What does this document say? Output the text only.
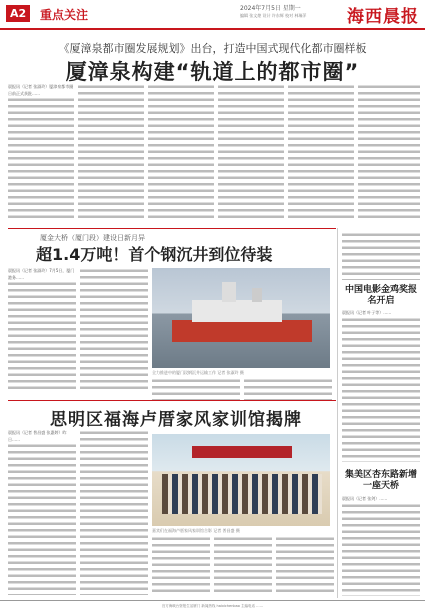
A2	重点关注	2024年7月5日 星期一
编辑 张文煌 设计 许东辉 校对 林瑞萍 海西晨报
《厦漳泉都市圈发展规划》出台，打造中国式现代化都市圈样板
厦漳泉构建“轨道上的都市圈”
晨报讯（记者 张淑玲）厦漳泉都市圈日前正式获批……
厦金大桥（厦门段）建设日新月异
超1.4万吨！首个钢沉井到位待装
晨报讯（记者 张淑玲）7月5日，厦门港务……
全力推进中的厦门段钢沉井运输工作 记者 张淑玲 摄
思明区福海卢厝家风家训馆揭牌
晨报讯（记者 普昌盛 张惠婷）昨日……
嘉宾们在福海卢厝家风家训馆合影 记者 普昌盛 摄
中国电影金鸡奖报名开启
晨报讯（记者 叶子等）……
集美区杏东路新增一座天桥
晨报讯（记者 张剑）……
官方海峡台资报生活厦门 新闻热线 haixichenbao 主编电话 ……
